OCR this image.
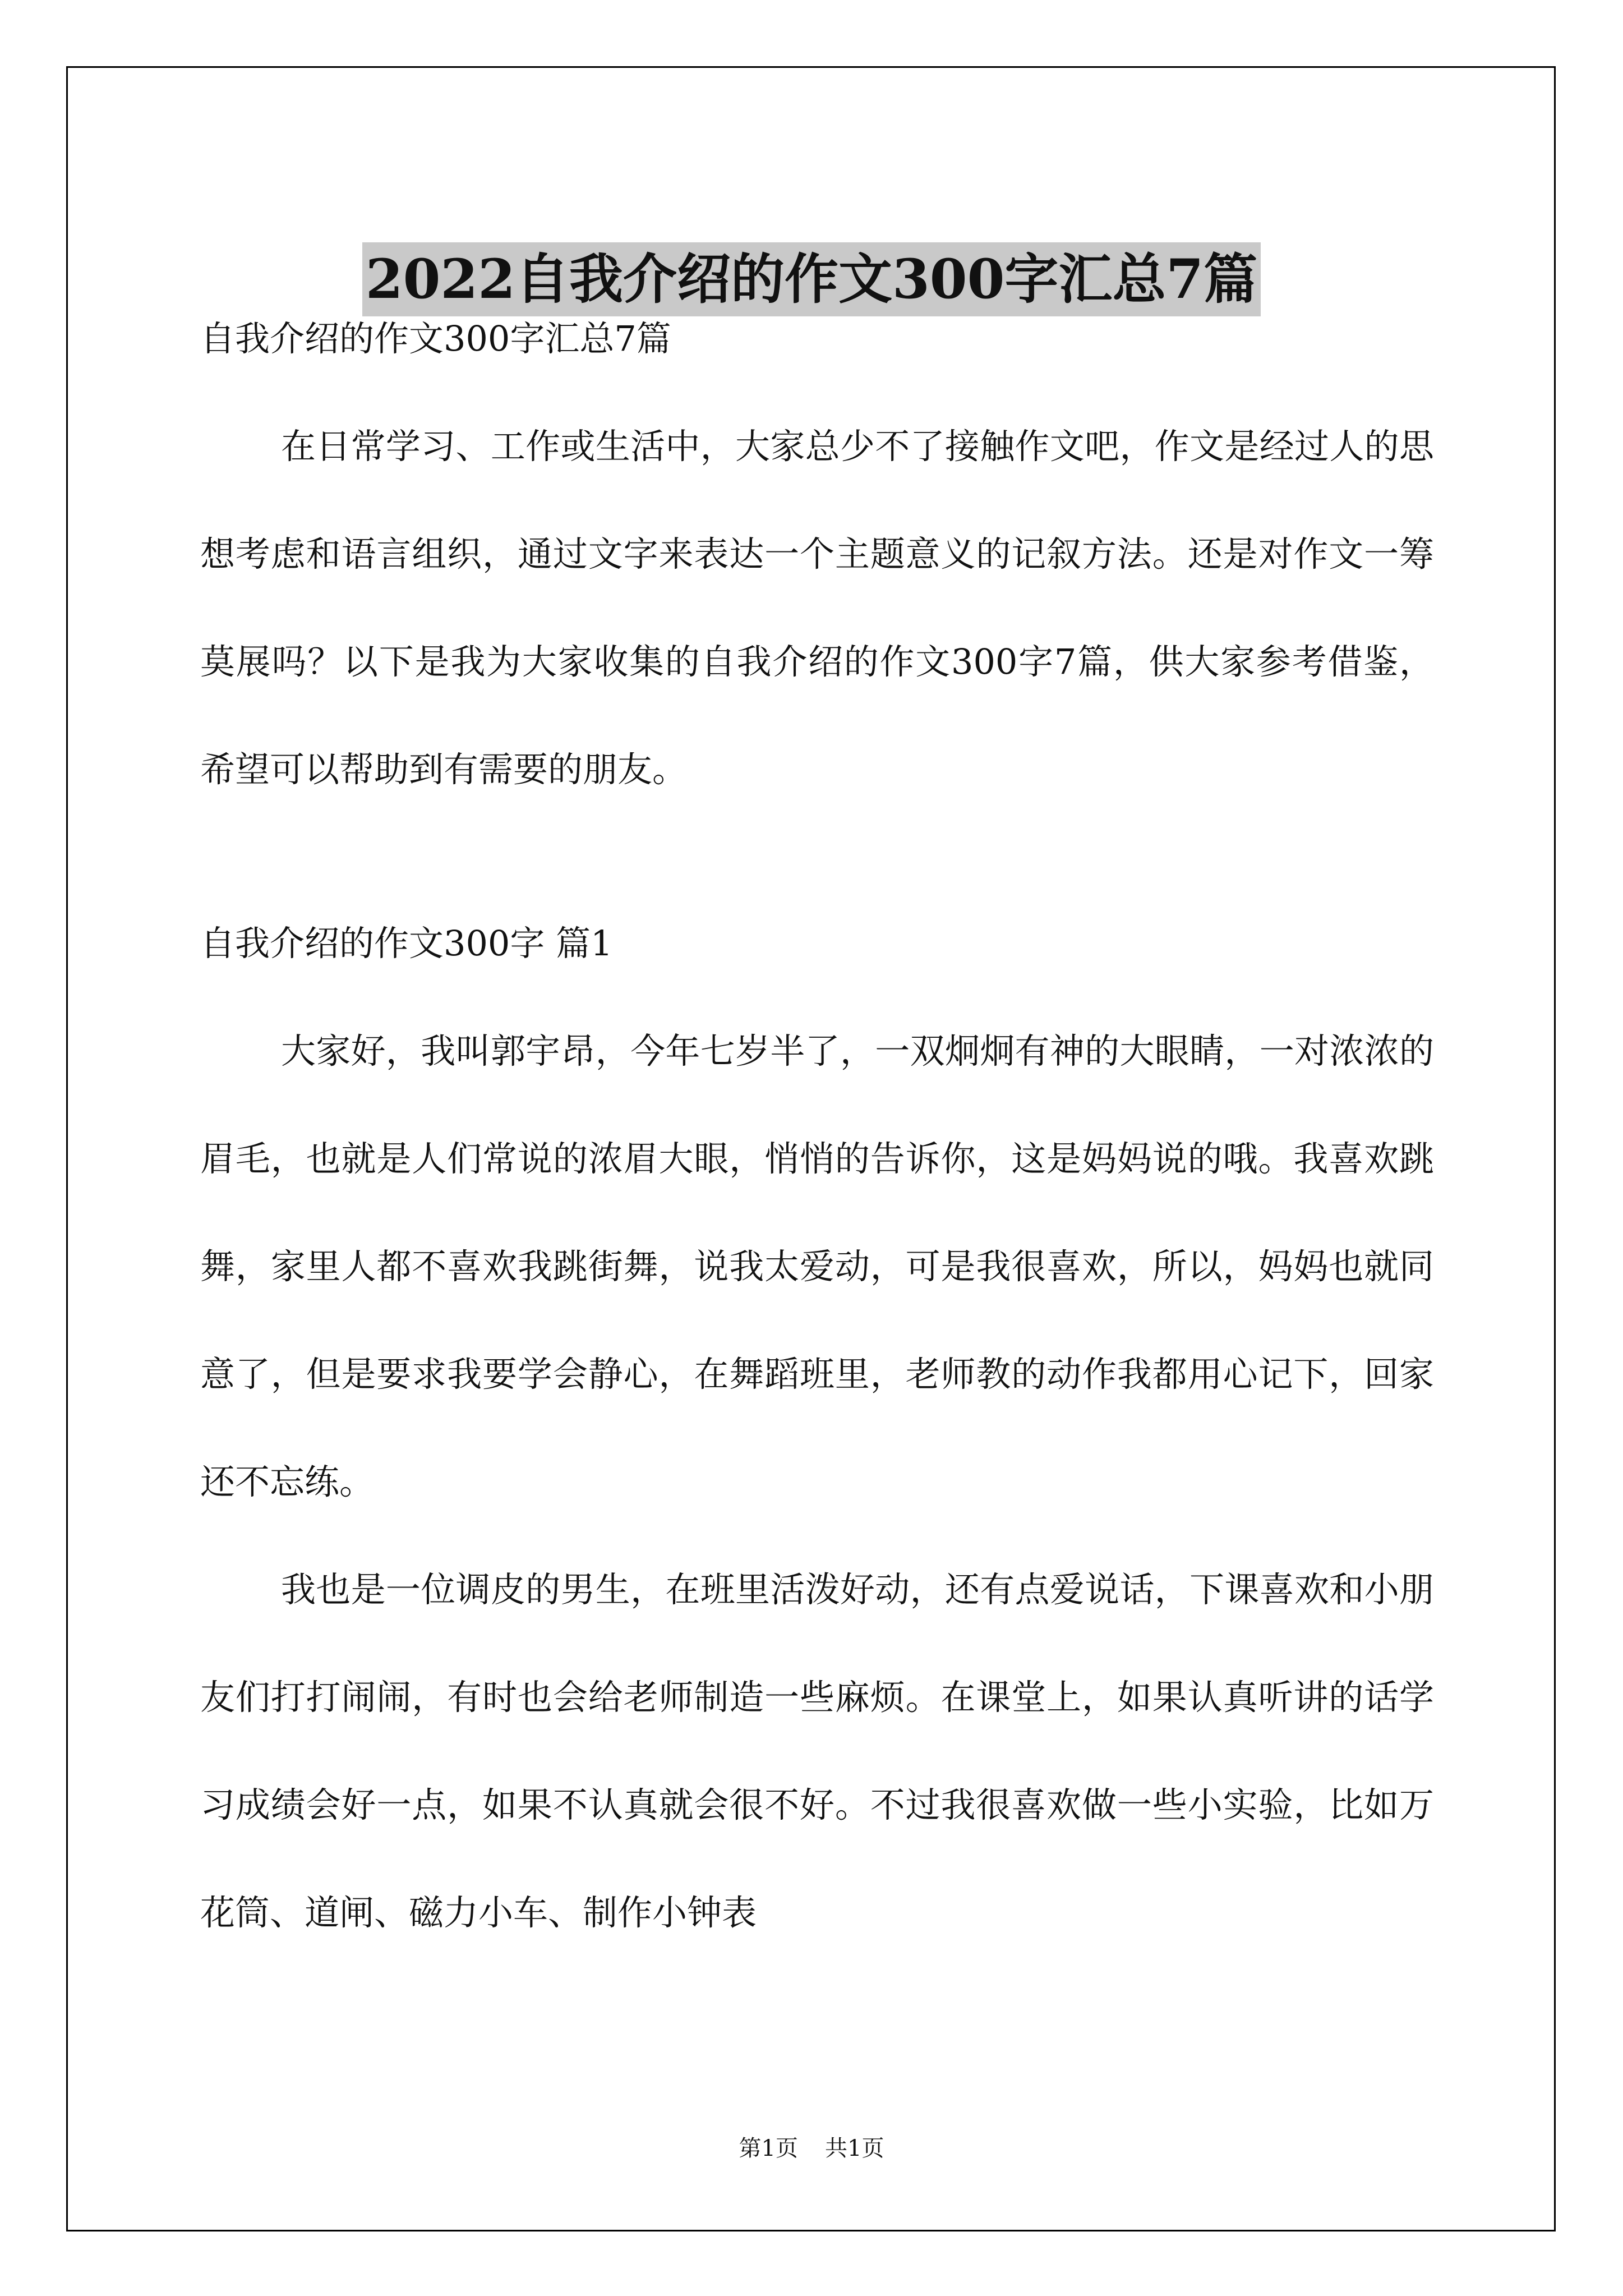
2022自我介绍的作文300字汇总7篇

自我介绍的作文300字汇总7篇

在日常学习、工作或生活中，大家总少不了接触作文吧，作文是经过人的思想考虑和语言组织，通过文字来表达一个主题意义的记叙方法。还是对作文一筹莫展吗？以下是我为大家收集的自我介绍的作文300字7篇，供大家参考借鉴，希望可以帮助到有需要的朋友。

自我介绍的作文300字 篇1

大家好，我叫郭宇昂，今年七岁半了，一双炯炯有神的大眼睛，一对浓浓的眉毛，也就是人们常说的浓眉大眼，悄悄的告诉你，这是妈妈说的哦。我喜欢跳舞，家里人都不喜欢我跳街舞，说我太爱动，可是我很喜欢，所以，妈妈也就同意了，但是要求我要学会静心，在舞蹈班里，老师教的动作我都用心记下，回家还不忘练。

我也是一位调皮的男生，在班里活泼好动，还有点爱说话，下课喜欢和小朋友们打打闹闹，有时也会给老师制造一些麻烦。在课堂上，如果认真听讲的话学习成绩会好一点，如果不认真就会很不好。不过我很喜欢做一些小实验，比如万花筒、道闸、磁力小车、制作小钟表

第1页 共1页
